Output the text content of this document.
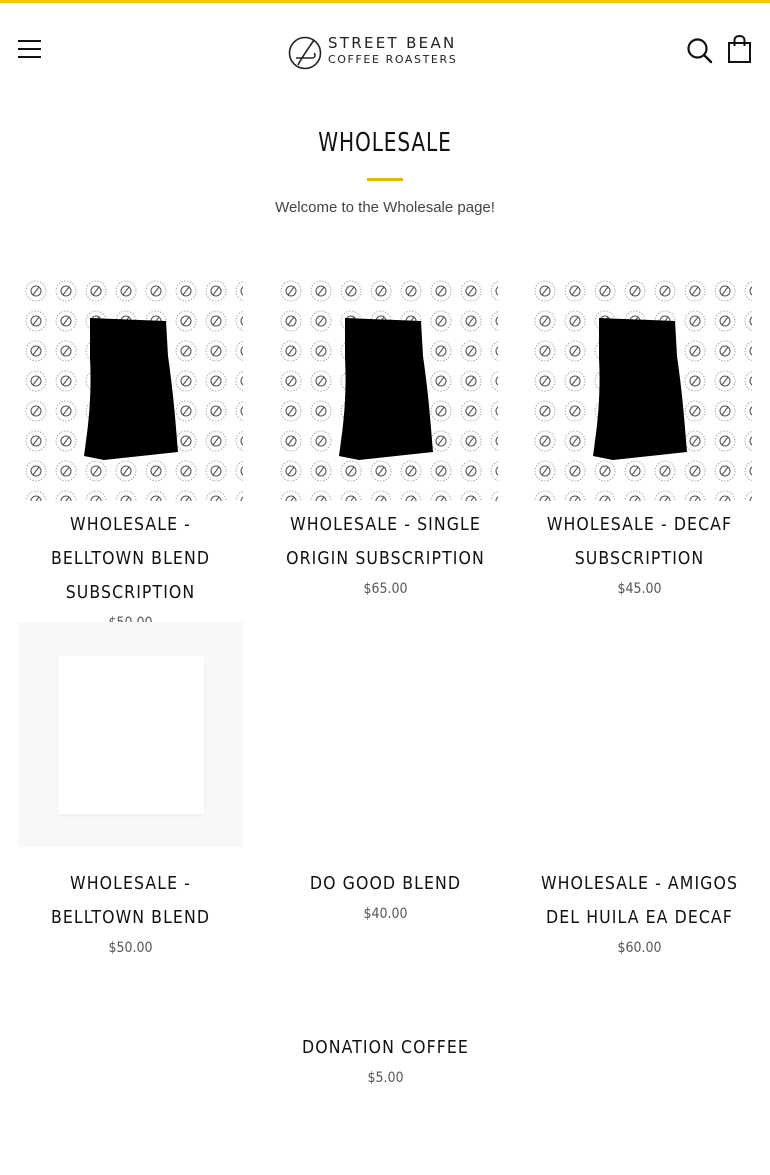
STREET BEAN
COFFEE ROASTERS
WHOLESALE

Welcome to the Wholesale page!

WHOLESALE - BELLTOWN BLEND SUBSCRIPTION
WHOLESALE - SINGLE ORIGIN SUBSCRIPTION
$65.00
WHOLESALE - DECAF SUBSCRIPTION
$45.00
WHOLESALE - BELLTOWN BLEND
$50.00
DO GOOD BLEND
$40.00
WHOLESALE - AMIGOS DEL HUILA EA DECAF
$60.00
DONATION COFFEE
$5.00
